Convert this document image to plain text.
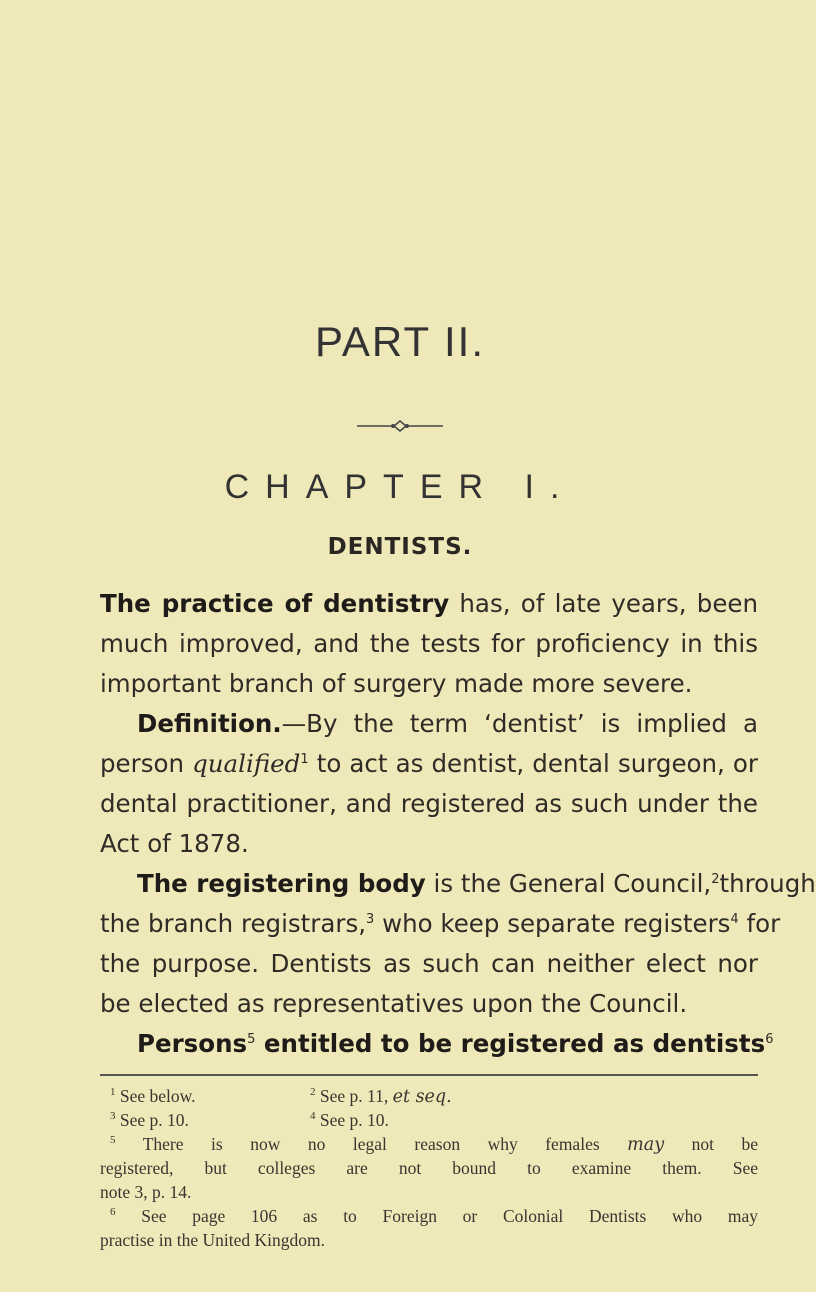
PART II.
CHAPTER I.
DENTISTS.
The practice of dentistry has, of late years, been
much improved, and the tests for proficiency in this
important branch of surgery made more severe.
Definition.—By the term ‘dentist’ is implied a
person qualified$^1$ to act as dentist, dental surgeon, or
dental practitioner, and registered as such under the
Act of 1878.
The registering body is the General Council,$^2$through
the branch registrars,$^3$ who keep separate registers$^4$ for
the purpose. Dentists as such can neither elect nor
be elected as representatives upon the Council.
Persons$^5$ entitled to be registered as dentists$^6$
$^1$ See below.	$^2$ See p. 11, et seq.
$^3$ See p. 10.	$^4$ See p. 10.
$^5$ There is now no legal reason why females may not be
registered, but colleges are not bound to examine them. See
note 3, p. 14.
$^6$ See page 106 as to Foreign or Colonial Dentists who may
practise in the United Kingdom.
